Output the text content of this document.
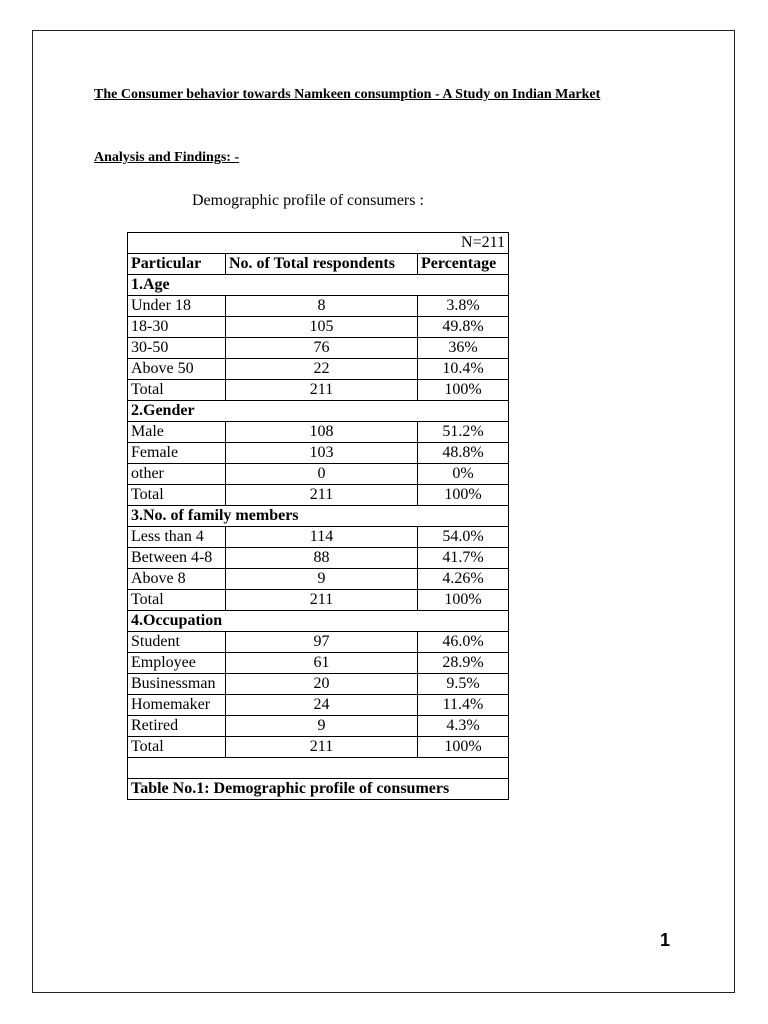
The Consumer behavior towards Namkeen consumption - A Study on Indian Market
Analysis and Findings: -
Demographic profile of consumers :
N=211		
Particular	No. of Total respondents	Percentage
1.Age		
Under 18	8	3.8%
18-30	105	49.8%
30-50	76	36%
Above 50	22	10.4%
Total	211	100%
2.Gender		
Male	108	51.2%
Female	103	48.8%
other	0	0%
Total	211	100%
3.No. of family members		
Less than 4	114	54.0%
Between 4-8	88	41.7%
Above 8	9	4.26%
Total	211	100%
4.Occupation		
Student	97	46.0%
Employee	61	28.9%
Businessman	20	9.5%
Homemaker	24	11.4%
Retired	9	4.3%
Total	211	100%

Table No.1: Demographic profile of consumers		
1
